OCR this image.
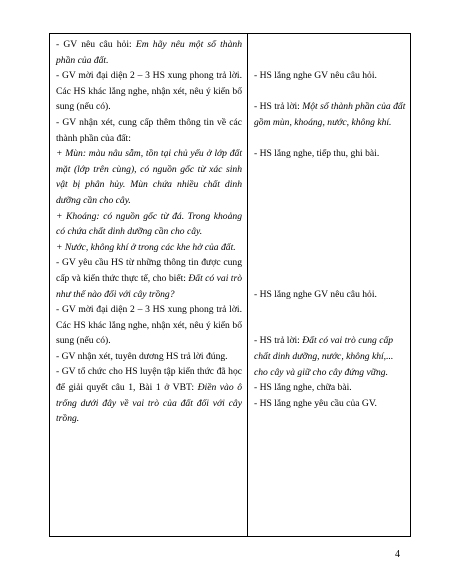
- GV nêu câu hỏi: Em hãy nêu một số thành phần của đất.

- GV mời đại diện 2 – 3 HS xung phong trả lời. Các HS khác lắng nghe, nhận xét, nêu ý kiến bổ sung (nếu có).

- GV nhận xét, cung cấp thêm thông tin về các thành phần của đất:

+ Mùn: màu nâu sẫm, tồn tại chủ yếu ở lớp đất mặt (lớp trên cùng), có nguồn gốc từ xác sinh vật bị phân hủy. Mùn chứa nhiều chất dinh dưỡng cần cho cây.

+ Khoáng: có nguồn gốc từ đá. Trong khoảng có chứa chất dinh dưỡng cần cho cây.

+ Nước, không khí ở trong các khe hở của đất.

- GV yêu cầu HS từ những thông tin được cung cấp và kiến thức thực tế, cho biết: Đất có vai trò như thế nào đối với cây trồng?

- GV mời đại diện 2 – 3 HS xung phong trả lời. Các HS khác lắng nghe, nhận xét, nêu ý kiến bổ sung (nếu có).

- GV nhận xét, tuyên dương HS trả lời đúng.

- GV tổ chức cho HS luyện tập kiến thức đã học để giải quyết câu 1, Bài 1 ở VBT: Điền vào ô trống dưới đây về vai trò của đất đối với cây trồng.

- HS lắng nghe GV nêu câu hỏi.

- HS trả lời: Một số thành phần của đất gồm mùn, khoáng, nước, không khí.

- HS lắng nghe, tiếp thu, ghi bài.

- HS lắng nghe GV nêu câu hỏi.

- HS trả lời: Đất có vai trò cung cấp chất dinh dưỡng, nước, không khí,... cho cây và giữ cho cây đứng vững.

- HS lắng nghe, chữa bài.

- HS lắng nghe yêu cầu của GV.

4
